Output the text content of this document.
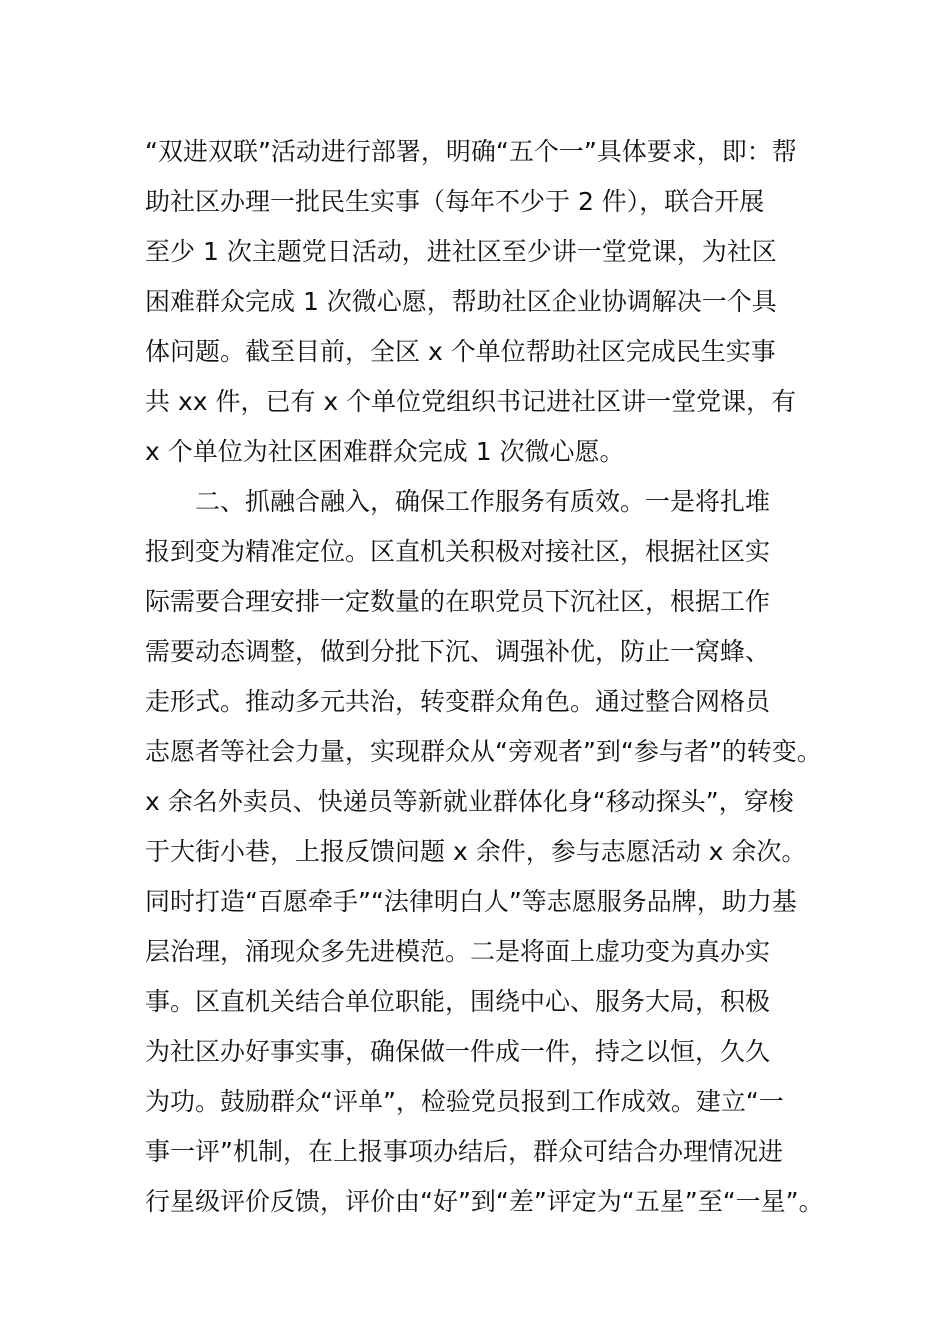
“双进双联”活动进行部署，明确“五个一”具体要求，即：帮
助社区办理一批民生实事（每年不少于 2 件），联合开展
至少 1 次主题党日活动，进社区至少讲一堂党课，为社区
困难群众完成 1 次微心愿，帮助社区企业协调解决一个具
体问题。截至目前，全区 x 个单位帮助社区完成民生实事
共 xx 件，已有 x 个单位党组织书记进社区讲一堂党课，有
x 个单位为社区困难群众完成 1 次微心愿。
　　二、抓融合融入，确保工作服务有质效。一是将扎堆
报到变为精准定位。区直机关积极对接社区，根据社区实
际需要合理安排一定数量的在职党员下沉社区，根据工作
需要动态调整，做到分批下沉、调强补优，防止一窝蜂、
走形式。推动多元共治，转变群众角色。通过整合网格员
志愿者等社会力量，实现群众从“旁观者”到“参与者”的转变。
x 余名外卖员、快递员等新就业群体化身“移动探头”，穿梭
于大街小巷，上报反馈问题 x 余件，参与志愿活动 x 余次。
同时打造“百愿牵手”“法律明白人”等志愿服务品牌，助力基
层治理，涌现众多先进模范。二是将面上虚功变为真办实
事。区直机关结合单位职能，围绕中心、服务大局，积极
为社区办好事实事，确保做一件成一件，持之以恒，久久
为功。鼓励群众“评单”，检验党员报到工作成效。建立“一
事一评”机制，在上报事项办结后，群众可结合办理情况进
行星级评价反馈，评价由“好”到“差”评定为“五星”至“一星”。
